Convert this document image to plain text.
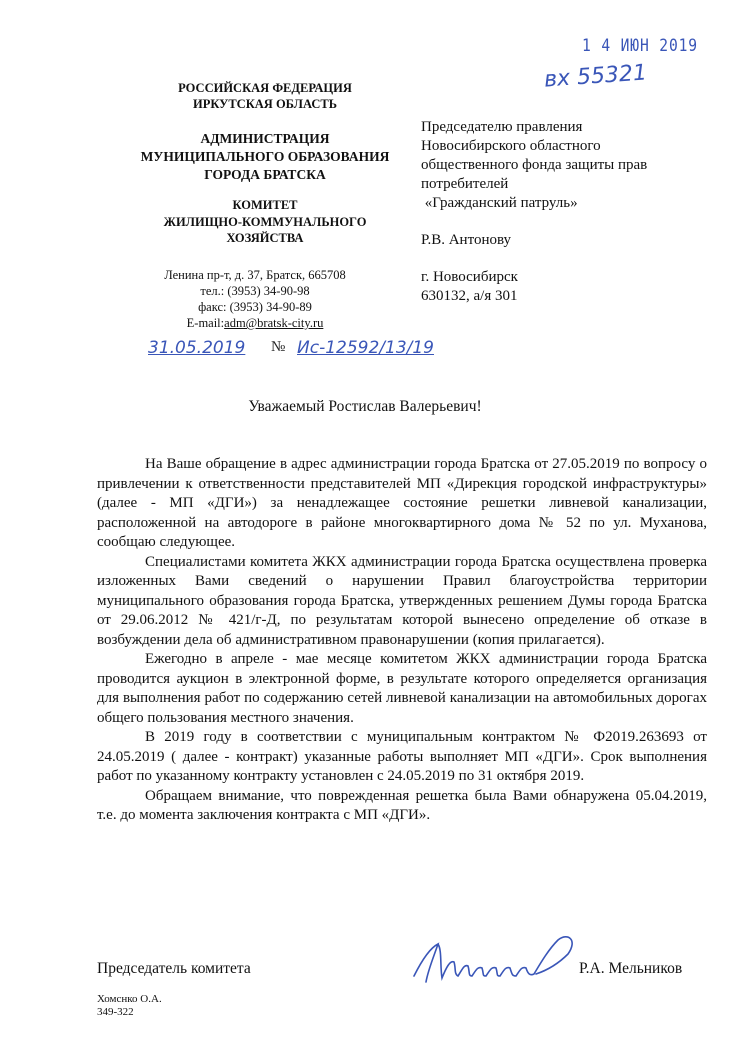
1 4 ИЮН 2019
вх 55321
РОССИЙСКАЯ ФЕДЕРАЦИЯ
ИРКУТСКАЯ ОБЛАСТЬ
АДМИНИСТРАЦИЯ
МУНИЦИПАЛЬНОГО ОБРАЗОВАНИЯ
ГОРОДА БРАТСКА
КОМИТЕТ
ЖИЛИЩНО-КОММУНАЛЬНОГО
ХОЗЯЙСТВА
Ленина пр-т, д. 37, Братск, 665708
тел.: (3953) 34-90-98
факс: (3953) 34-90-89
E-mail:adm@bratsk-city.ru
31.05.2019 № Ис-12592/13/19

Председателю правления

Новосибирского областного

общественного фонда защиты прав

потребителей

«Гражданский патруль»

Р.В. Антонову

г. Новосибирск

630132, а/я 301

Уважаемый Ростислав Валерьевич!

На Ваше обращение в адрес администрации города Братска от 27.05.2019 по вопросу о привлечении к ответственности представителей МП «Дирекция городской инфраструктуры» (далее - МП «ДГИ») за ненадлежащее состояние решетки ливневой канализации, расположенной на автодороге в районе многоквартирного дома № 52 по ул. Муханова, сообщаю следующее.

Специалистами комитета ЖКХ администрации города Братска осуществлена проверка изложенных Вами сведений о нарушении Правил благоустройства территории муниципального образования города Братска, утвержденных решением Думы города Братска от 29.06.2012 № 421/г-Д, по результатам которой вынесено определение об отказе в возбуждении дела об административном правонарушении (копия прилагается).

Ежегодно в апреле - мае месяце комитетом ЖКХ администрации города Братска проводится аукцион в электронной форме, в результате которого определяется организация для выполнения работ по содержанию сетей ливневой канализации на автомобильных дорогах общего пользования местного значения.

В 2019 году в соответствии с муниципальным контрактом № Ф2019.263693 от 24.05.2019 ( далее - контракт) указанные работы выполняет МП «ДГИ». Срок выполнения работ по указанному контракту установлен с 24.05.2019 по 31 октября 2019.

Обращаем внимание, что поврежденная решетка была Вами обнаружена 05.04.2019, т.е. до момента заключения контракта с МП «ДГИ».

Председатель комитета	Р.А. Мельников
Хомснко О.А.
349-322
